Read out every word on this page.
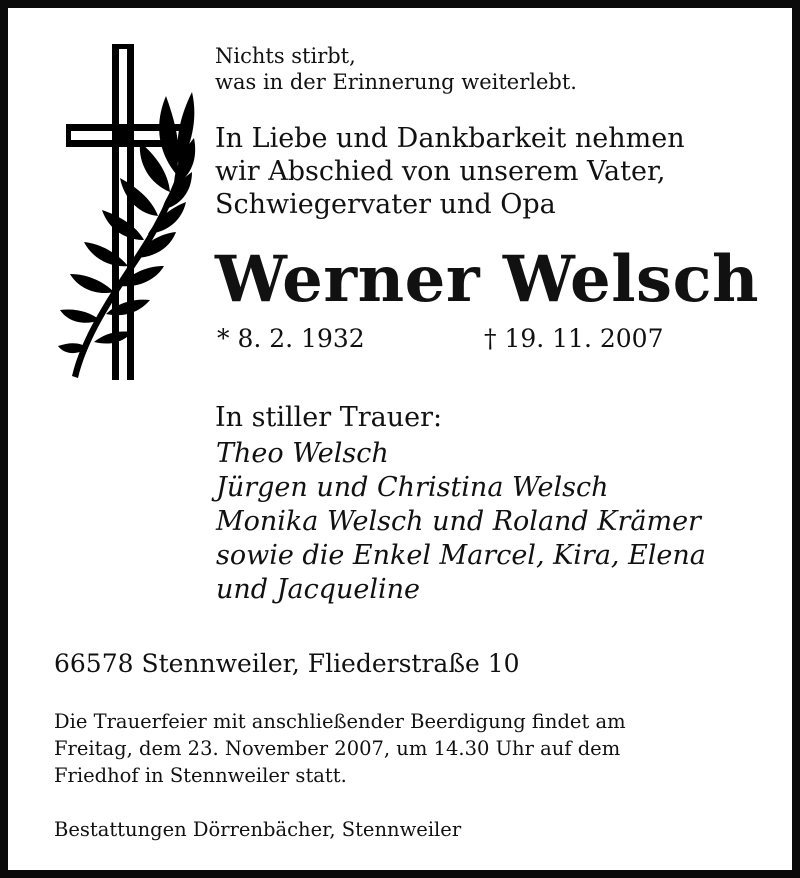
Nichts stirbt,
was in der Erinnerung weiterlebt.
In Liebe und Dankbarkeit nehmen
wir Abschied von unserem Vater,
Schwiegervater und Opa
Werner Welsch
* 8. 2. 1932	† 19. 11. 2007
In stiller Trauer:
Theo Welsch
Jürgen und Christina Welsch
Monika Welsch und Roland Krämer
sowie die Enkel Marcel, Kira, Elena
und Jacqueline
66578 Stennweiler, Fliederstraße 10
Die Trauerfeier mit anschließender Beerdigung findet am
Freitag, dem 23. November 2007, um 14.30 Uhr auf dem
Friedhof in Stennweiler statt.
Bestattungen Dörrenbächer, Stennweiler
